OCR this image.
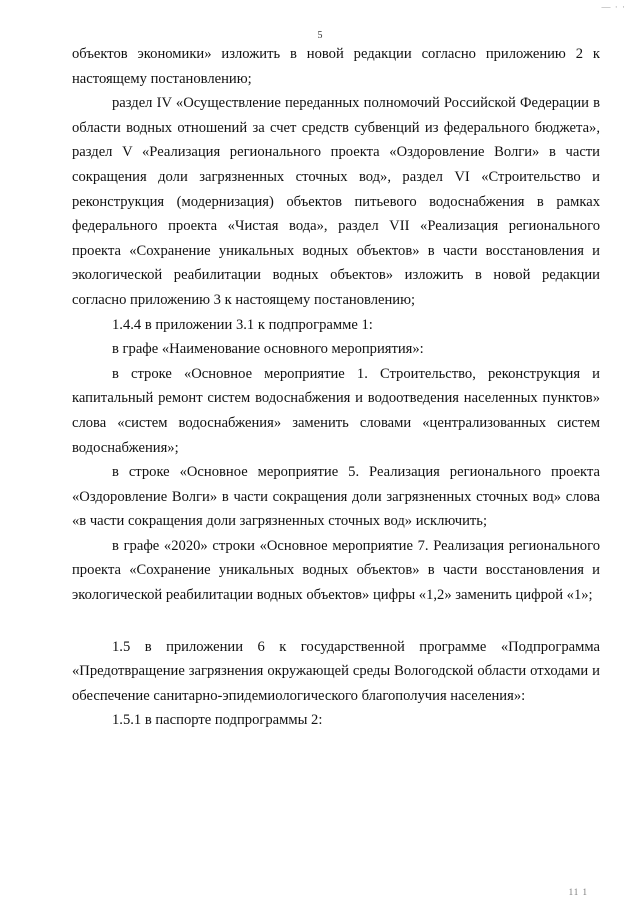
— · ·
5

объектов экономики» изложить в новой редакции согласно приложению 2 к настоящему постановлению;

раздел IV «Осуществление переданных полномочий Российской Федерации в области водных отношений за счет средств субвенций из федерального бюджета», раздел V «Реализация регионального проекта «Оздоровление Волги» в части сокращения доли загрязненных сточных вод», раздел VI «Строительство и реконструкция (модернизация) объектов питьевого водоснабжения в рамках федерального проекта «Чистая вода», раздел VII «Реализация регионального проекта «Сохранение уникальных водных объектов» в части восстановления и экологической реабилитации водных объектов» изложить в новой редакции согласно приложению 3 к настоящему постановлению;

1.4.4 в приложении 3.1 к подпрограмме 1:

в графе «Наименование основного мероприятия»:

в строке «Основное мероприятие 1. Строительство, реконструкция и капитальный ремонт систем водоснабжения и водоотведения населенных пунктов» слова «систем водоснабжения» заменить словами «централизованных систем водоснабжения»;

в строке «Основное мероприятие 5. Реализация регионального проекта «Оздоровление Волги» в части сокращения доли загрязненных сточных вод» слова «в части сокращения доли загрязненных сточных вод» исключить;

в графе «2020» строки «Основное мероприятие 7. Реализация регионального проекта «Сохранение уникальных водных объектов» в части восстановления и экологической реабилитации водных объектов» цифры «1,2» заменить цифрой «1»;

1.5 в приложении 6 к государственной программе «Подпрограмма «Предотвращение загрязнения окружающей среды Вологодской области отходами и обеспечение санитарно-эпидемиологического благополучия населения»:

1.5.1 в паспорте подпрограммы 2:

11 1
